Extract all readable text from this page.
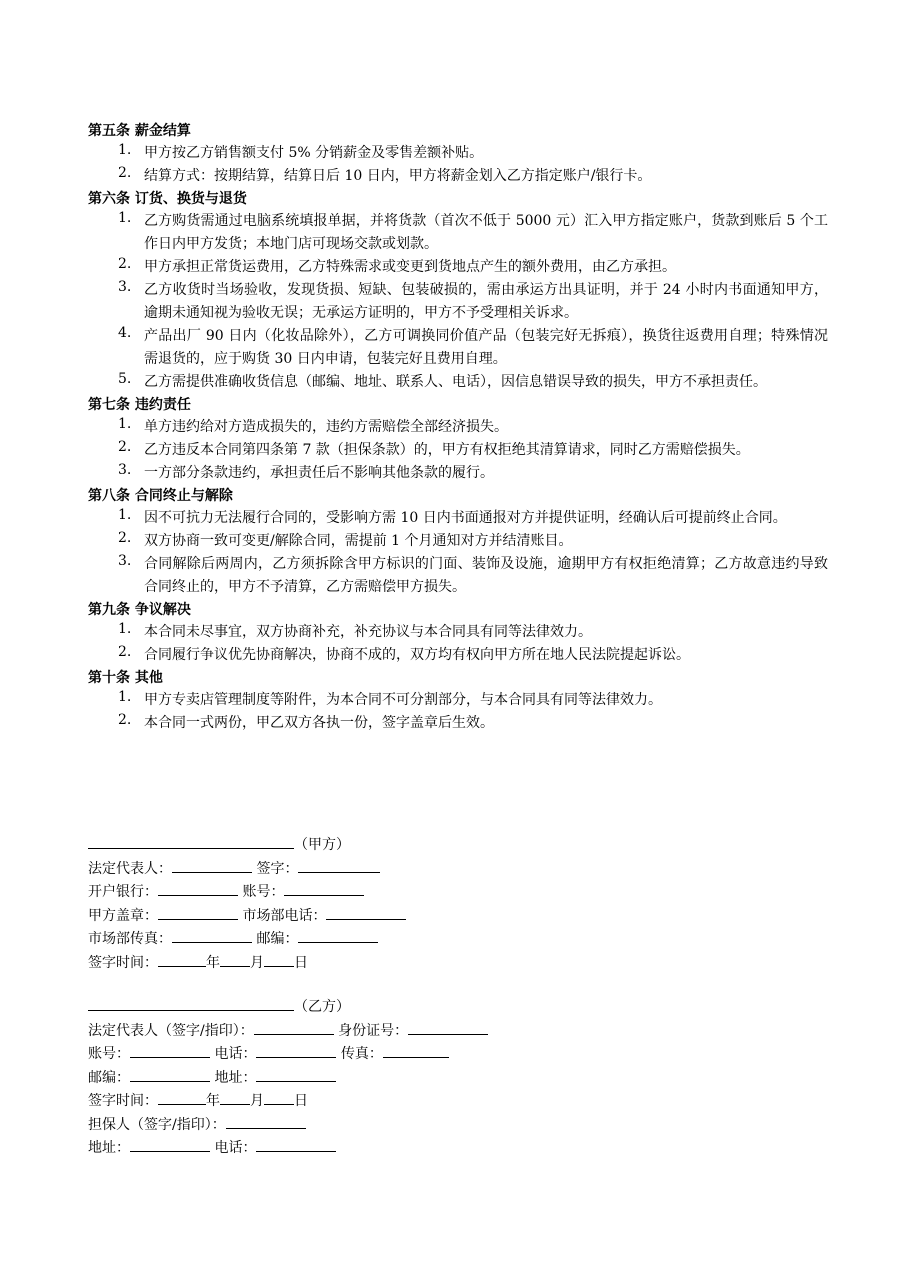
第五条 薪金结算
1. 甲方按乙方销售额支付 5% 分销薪金及零售差额补贴。
2. 结算方式：按期结算，结算日后 10 日内，甲方将薪金划入乙方指定账户/银行卡。
第六条 订货、换货与退货
1. 乙方购货需通过电脑系统填报单据，并将货款（首次不低于 5000 元）汇入甲方指定账户，货款到账后 5 个工作日内甲方发货；本地门店可现场交款或划款。
2. 甲方承担正常货运费用，乙方特殊需求或变更到货地点产生的额外费用，由乙方承担。
3. 乙方收货时当场验收，发现货损、短缺、包装破损的，需由承运方出具证明，并于 24 小时内书面通知甲方，逾期未通知视为验收无误；无承运方证明的，甲方不予受理相关诉求。
4. 产品出厂 90 日内（化妆品除外），乙方可调换同价值产品（包装完好无拆痕），换货往返费用自理；特殊情况需退货的，应于购货 30 日内申请，包装完好且费用自理。
5. 乙方需提供准确收货信息（邮编、地址、联系人、电话），因信息错误导致的损失，甲方不承担责任。
第七条 违约责任
1. 单方违约给对方造成损失的，违约方需赔偿全部经济损失。
2. 乙方违反本合同第四条第 7 款（担保条款）的，甲方有权拒绝其清算请求，同时乙方需赔偿损失。
3. 一方部分条款违约，承担责任后不影响其他条款的履行。
第八条 合同终止与解除
1. 因不可抗力无法履行合同的，受影响方需 10 日内书面通报对方并提供证明，经确认后可提前终止合同。
2. 双方协商一致可变更/解除合同，需提前 1 个月通知对方并结清账目。
3. 合同解除后两周内，乙方须拆除含甲方标识的门面、装饰及设施，逾期甲方有权拒绝清算；乙方故意违约导致合同终止的，甲方不予清算，乙方需赔偿甲方损失。
第九条 争议解决
1. 本合同未尽事宜，双方协商补充，补充协议与本合同具有同等法律效力。
2. 合同履行争议优先协商解决，协商不成的，双方均有权向甲方所在地人民法院提起诉讼。
第十条 其他
1. 甲方专卖店管理制度等附件，为本合同不可分割部分，与本合同具有同等法律效力。
2. 本合同一式两份，甲乙双方各执一份，签字盖章后生效。
（甲方）
法定代表人：	签字：
开户银行：	账号：
甲方盖章：	市场部电话：
市场部传真：	邮编：
签字时间：	年 月 日
（乙方）
法定代表人（签字/指印）：	身份证号：
账号：	电话：	传真：
邮编：	地址：
签字时间：	年 月 日
担保人（签字/指印）：
地址：	电话：
